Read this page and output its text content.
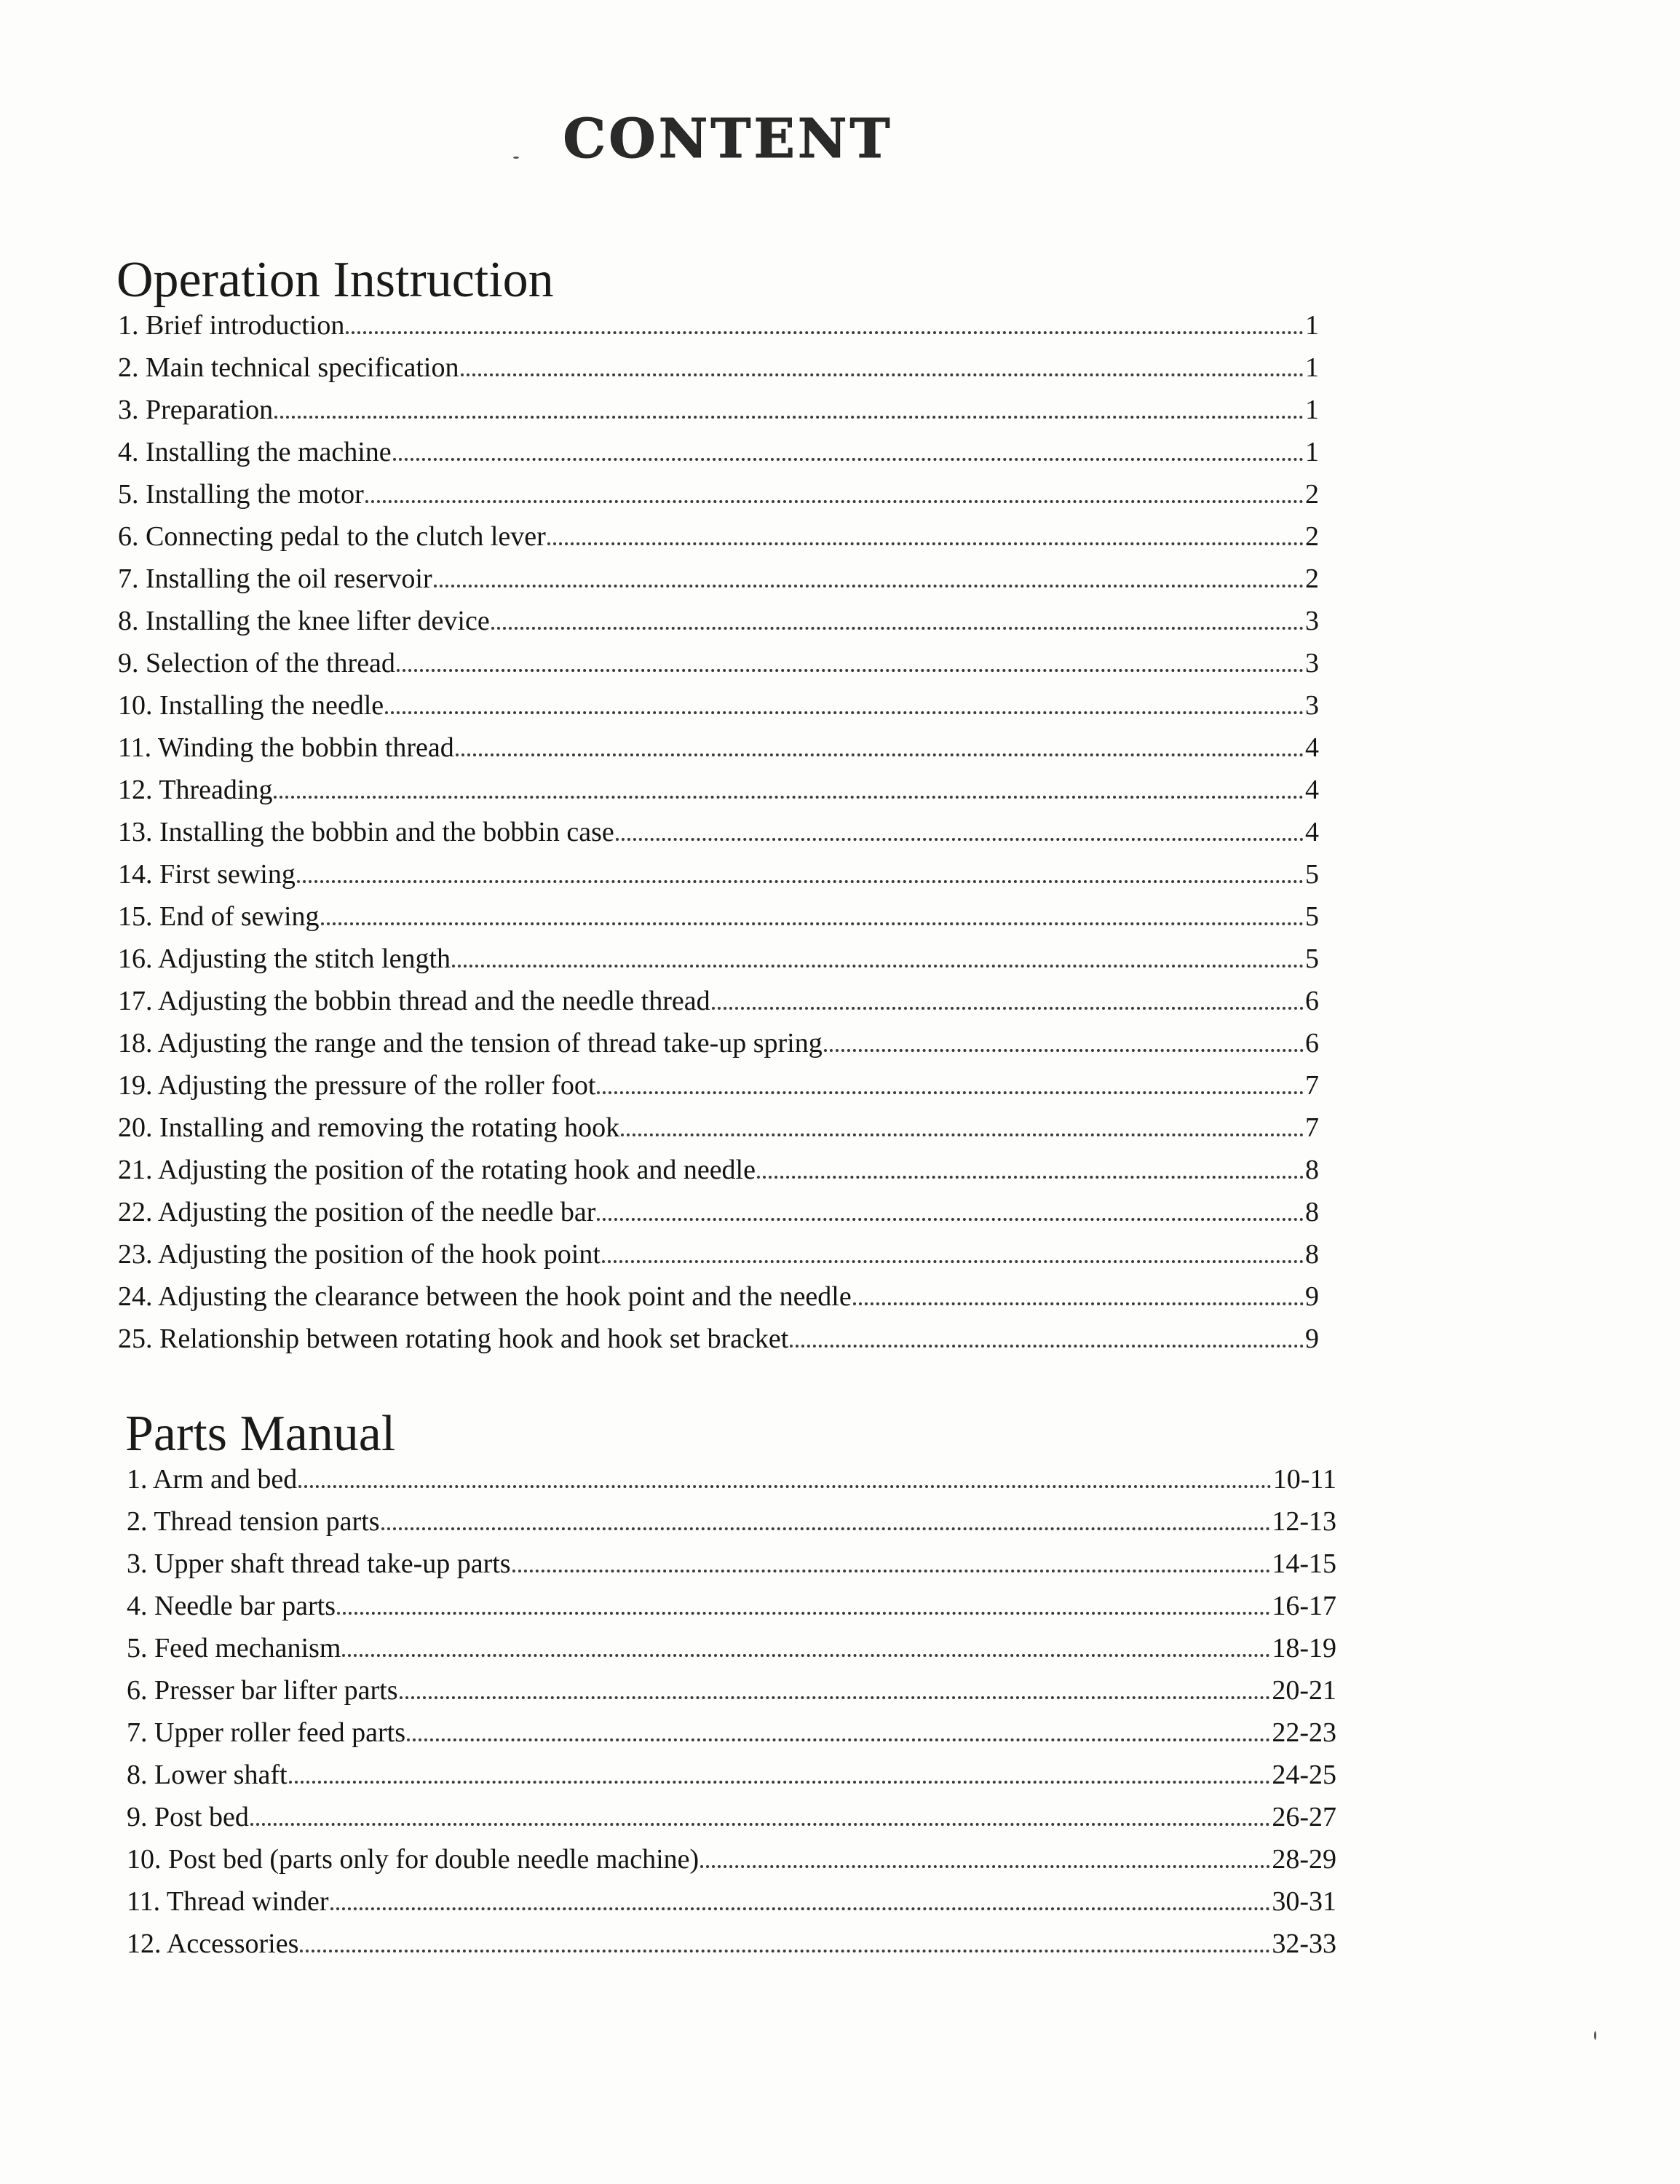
CONTENT
Operation Instruction
1. Brief introduction	1
2. Main technical specification	1
3. Preparation	1
4. Installing the machine	1
5. Installing the motor	2
6. Connecting pedal to the clutch lever	2
7. Installing the oil reservoir	2
8. Installing the knee lifter device	3
9. Selection of the thread	3
10. Installing the needle	3
11. Winding the bobbin thread	4
12. Threading	4
13. Installing the bobbin and the bobbin case	4
14. First sewing	5
15. End of sewing	5
16. Adjusting the stitch length	5
17. Adjusting the bobbin thread and the needle thread	6
18. Adjusting the range and the tension of thread take-up spring	6
19. Adjusting the pressure of the roller foot	7
20. Installing and removing the rotating hook	7
21. Adjusting the position of the rotating hook and needle	8
22. Adjusting the position of the needle bar	8
23. Adjusting the position of the hook point	8
24. Adjusting the clearance between the hook point and the needle	9
25. Relationship between rotating hook and hook set bracket	9
Parts Manual
1. Arm and bed	10-11
2. Thread tension parts	12-13
3. Upper shaft thread take-up parts	14-15
4. Needle bar parts	16-17
5. Feed mechanism	18-19
6. Presser bar lifter parts	20-21
7. Upper roller feed parts	22-23
8. Lower shaft	24-25
9. Post bed	26-27
10. Post bed (parts only for double needle machine)	28-29
11. Thread winder	30-31
12. Accessories	32-33
